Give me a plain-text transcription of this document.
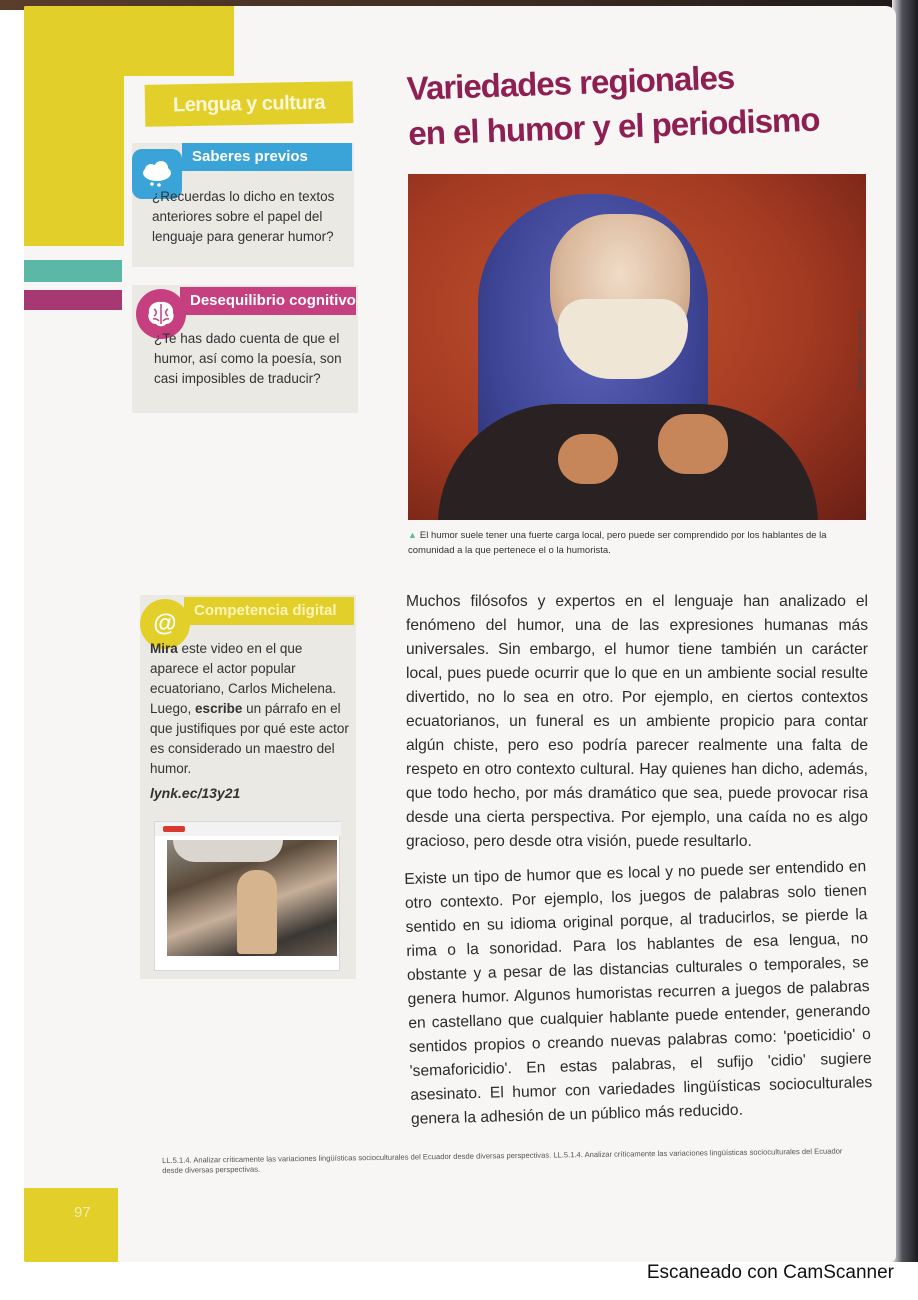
97
Lengua y cultura
Saberes previos
¿Recuerdas lo dicho en textos anteriores sobre el papel del lenguaje para generar humor?
Desequilibrio cognitivo
¿Te has dado cuenta de que el humor, así como la poesía, son casi imposibles de traducir?
Competencia digital
@
Mira este video en el que aparece el actor popular ecuatoriano, Carlos Michelena. Luego, escribe un párrafo en el que justifiques por qué este actor es considerado un maestro del humor.
lynk.ec/13y21
Variedades regionales
en el humor y el periodismo
Michelena C. www.carlos.com
▲ El humor suele tener una fuerte carga local, pero puede ser comprendido por los hablantes de la comunidad a la que pertenece el o la humorista.
Muchos filósofos y expertos en el lenguaje han analizado el fenómeno del humor, una de las expresiones humanas más universales. Sin embargo, el humor tiene también un carácter local, pues puede ocurrir que lo que en un ambiente social resulte divertido, no lo sea en otro. Por ejemplo, en ciertos contextos ecuatorianos, un funeral es un ambiente propicio para contar algún chiste, pero eso podría parecer realmente una falta de respeto en otro contexto cultural. Hay quienes han dicho, además, que todo hecho, por más dramático que sea, puede provocar risa desde una cierta perspectiva. Por ejemplo, una caída no es algo gracioso, pero desde otra visión, puede resultarlo.
Existe un tipo de humor que es local y no puede ser entendido en otro contexto. Por ejemplo, los juegos de palabras solo tienen sentido en su idioma original porque, al traducirlos, se pierde la rima o la sonoridad. Para los hablantes de esa lengua, no obstante y a pesar de las distancias culturales o temporales, se genera humor. Algunos humoristas recurren a juegos de palabras en castellano que cualquier hablante puede entender, generando sentidos propios o creando nuevas palabras como: 'poeticidio' o 'semaforicidio'. En estas palabras, el sufijo 'cidio' sugiere asesinato. El humor con variedades lingüísticas socioculturales genera la adhesión de un público más reducido.
LL.5.1.4. Analizar críticamente las variaciones lingüísticas socioculturales del Ecuador desde diversas perspectivas. LL.5.1.4. Analizar críticamente las variaciones lingüísticas socioculturales del Ecuador desde diversas perspectivas.
Escaneado con CamScanner
